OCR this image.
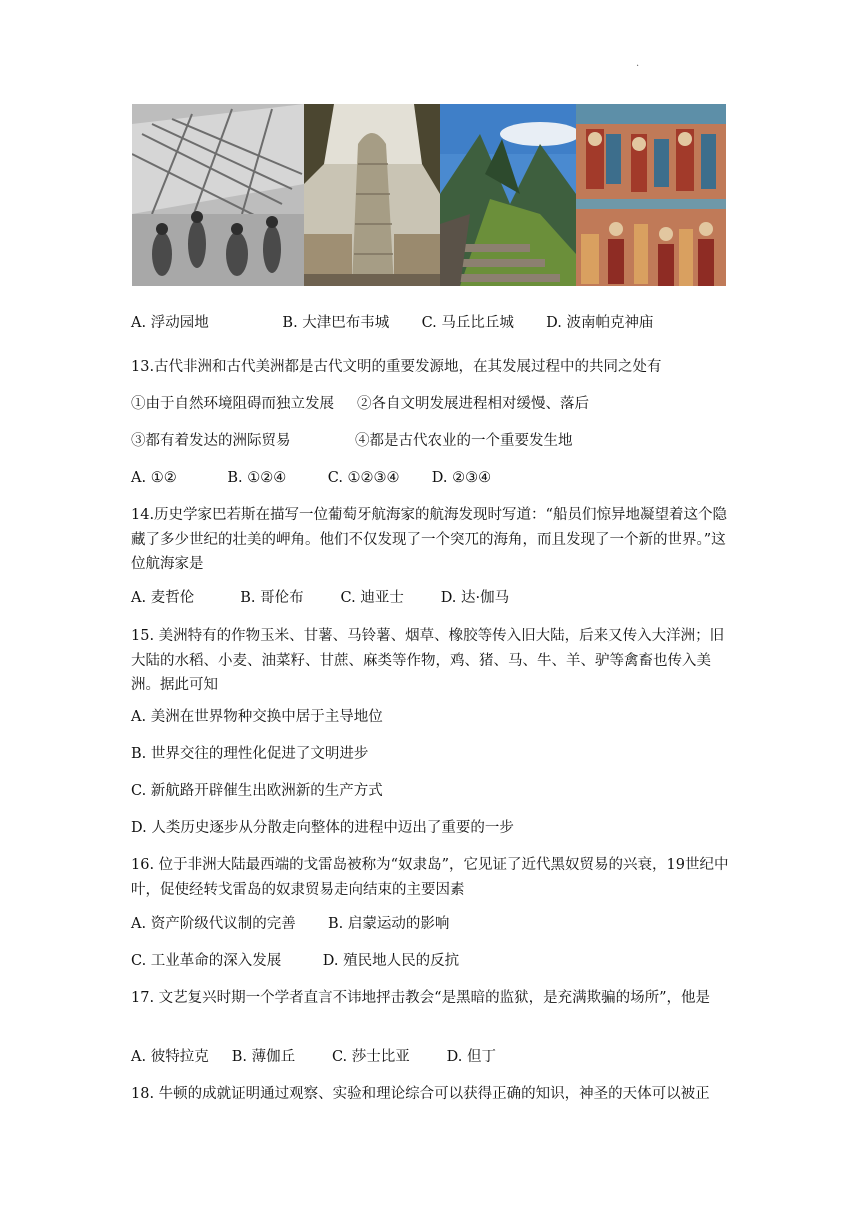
.
A. 浮动园地                B. 大津巴布韦城       C. 马丘比丘城       D. 波南帕克神庙
13.古代非洲和古代美洲都是古代文明的重要发源地，在其发展过程中的共同之处有
①由于自然环境阻碍而独立发展     ②各自文明发展进程相对缓慢、落后
③都有着发达的洲际贸易              ④都是古代农业的一个重要发生地
A. ①②           B. ①②④         C. ①②③④       D. ②③④
14.历史学家巴若斯在描写一位葡萄牙航海家的航海发现时写道：“船员们惊异地凝望着这个隐藏了多少世纪的壮美的岬角。他们不仅发现了一个突兀的海角，而且发现了一个新的世界。”这位航海家是
A. 麦哲伦          B. 哥伦布        C. 迪亚士        D. 达·伽马
15. 美洲特有的作物玉米、甘薯、马铃薯、烟草、橡胶等传入旧大陆，后来又传入大洋洲；旧大陆的水稻、小麦、油菜籽、甘蔗、麻类等作物，鸡、猪、马、牛、羊、驴等禽畜也传入美洲。据此可知
A. 美洲在世界物种交换中居于主导地位
B. 世界交往的理性化促进了文明进步
C. 新航路开辟催生出欧洲新的生产方式
D. 人类历史逐步从分散走向整体的进程中迈出了重要的一步
16. 位于非洲大陆最西端的戈雷岛被称为“奴隶岛”，它见证了近代黑奴贸易的兴衰，19世纪中叶，促使经转戈雷岛的奴隶贸易走向结束的主要因素
A. 资产阶级代议制的完善       B. 启蒙运动的影响
C. 工业革命的深入发展         D. 殖民地人民的反抗
17. 文艺复兴时期一个学者直言不讳地抨击教会“是黑暗的监狱，是充满欺骗的场所”，他是
A. 彼特拉克     B. 薄伽丘        C. 莎士比亚        D. 但丁
18. 牛顿的成就证明通过观察、实验和理论综合可以获得正确的知识，神圣的天体可以被正
